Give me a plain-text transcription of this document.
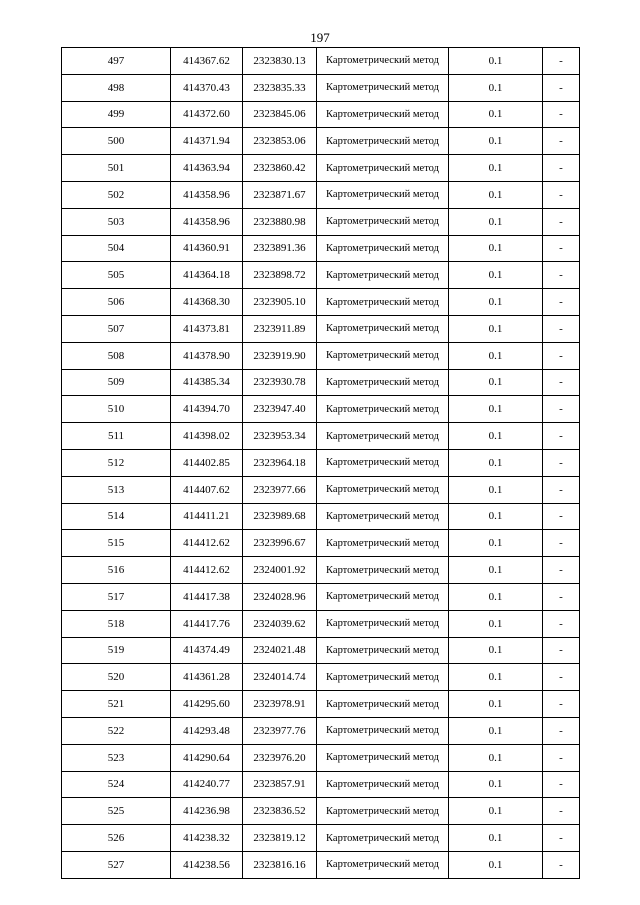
197
497	414367.62	2323830.13	Картометрический метод	0.1	-
498	414370.43	2323835.33	Картометрический метод	0.1	-
499	414372.60	2323845.06	Картометрический метод	0.1	-
500	414371.94	2323853.06	Картометрический метод	0.1	-
501	414363.94	2323860.42	Картометрический метод	0.1	-
502	414358.96	2323871.67	Картометрический метод	0.1	-
503	414358.96	2323880.98	Картометрический метод	0.1	-
504	414360.91	2323891.36	Картометрический метод	0.1	-
505	414364.18	2323898.72	Картометрический метод	0.1	-
506	414368.30	2323905.10	Картометрический метод	0.1	-
507	414373.81	2323911.89	Картометрический метод	0.1	-
508	414378.90	2323919.90	Картометрический метод	0.1	-
509	414385.34	2323930.78	Картометрический метод	0.1	-
510	414394.70	2323947.40	Картометрический метод	0.1	-
511	414398.02	2323953.34	Картометрический метод	0.1	-
512	414402.85	2323964.18	Картометрический метод	0.1	-
513	414407.62	2323977.66	Картометрический метод	0.1	-
514	414411.21	2323989.68	Картометрический метод	0.1	-
515	414412.62	2323996.67	Картометрический метод	0.1	-
516	414412.62	2324001.92	Картометрический метод	0.1	-
517	414417.38	2324028.96	Картометрический метод	0.1	-
518	414417.76	2324039.62	Картометрический метод	0.1	-
519	414374.49	2324021.48	Картометрический метод	0.1	-
520	414361.28	2324014.74	Картометрический метод	0.1	-
521	414295.60	2323978.91	Картометрический метод	0.1	-
522	414293.48	2323977.76	Картометрический метод	0.1	-
523	414290.64	2323976.20	Картометрический метод	0.1	-
524	414240.77	2323857.91	Картометрический метод	0.1	-
525	414236.98	2323836.52	Картометрический метод	0.1	-
526	414238.32	2323819.12	Картометрический метод	0.1	-
527	414238.56	2323816.16	Картометрический метод	0.1	-
